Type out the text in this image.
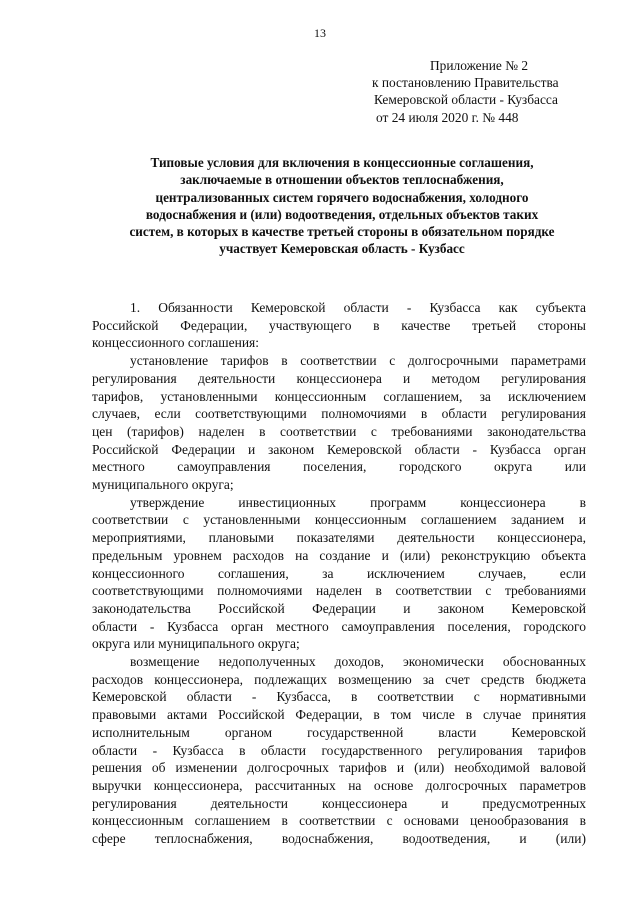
13
Приложение № 2
к постановлению Правительства
Кемеровской области - Кузбасса
от 24 июля 2020 г. № 448
Типовые условия для включения в концессионные соглашения,
заключаемые в отношении объектов теплоснабжения,
централизованных систем горячего водоснабжения, холодного
водоснабжения и (или) водоотведения, отдельных объектов таких
систем, в которых в качестве третьей стороны в обязательном порядке
участвует Кемеровская область - Кузбасс
1. Обязанности Кемеровской области - Кузбасса как субъекта
Российской Федерации, участвующего в качестве третьей стороны
концессионного соглашения:
установление тарифов в соответствии с долгосрочными параметрами
регулирования деятельности концессионера и методом регулирования
тарифов, установленными концессионным соглашением, за исключением
случаев, если соответствующими полномочиями в области регулирования
цен (тарифов) наделен в соответствии с требованиями законодательства
Российской Федерации и законом Кемеровской области - Кузбасса орган
местного самоуправления поселения, городского округа или
муниципального округа;
утверждение инвестиционных программ концессионера в
соответствии с установленными концессионным соглашением заданием и
мероприятиями, плановыми показателями деятельности концессионера,
предельным уровнем расходов на создание и (или) реконструкцию объекта
концессионного соглашения, за исключением случаев, если
соответствующими полномочиями наделен в соответствии с требованиями
законодательства Российской Федерации и законом Кемеровской
области - Кузбасса орган местного самоуправления поселения, городского
округа или муниципального округа;
возмещение недополученных доходов, экономически обоснованных
расходов концессионера, подлежащих возмещению за счет средств бюджета
Кемеровской области - Кузбасса, в соответствии с нормативными
правовыми актами Российской Федерации, в том числе в случае принятия
исполнительным органом государственной власти Кемеровской
области - Кузбасса в области государственного регулирования тарифов
решения об изменении долгосрочных тарифов и (или) необходимой валовой
выручки концессионера, рассчитанных на основе долгосрочных параметров
регулирования деятельности концессионера и предусмотренных
концессионным соглашением в соответствии с основами ценообразования в
сфере теплоснабжения, водоснабжения, водоотведения, и (или)
